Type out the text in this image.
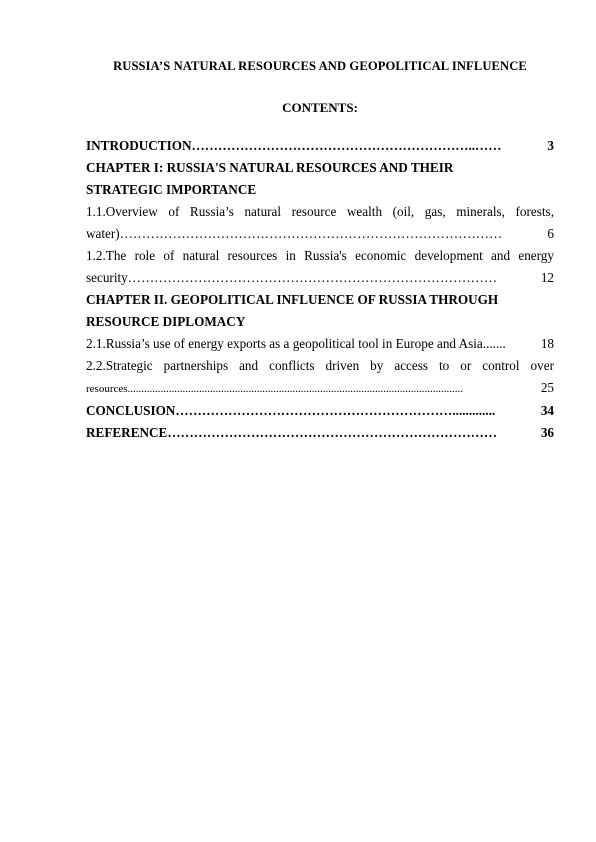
RUSSIA’S NATURAL RESOURCES AND GEOPOLITICAL INFLUENCE
CONTENTS:
INTRODUCTION ………………………………………………………..……	3
CHAPTER I: RUSSIA'S NATURAL RESOURCES AND THEIR
STRATEGIC IMPORTANCE
1.1.Overview of Russia’s natural resource wealth (oil, gas, minerals, forests,
water) ……………………………………………………………………………	6
1.2.The role of natural resources in Russia's economic development and energy
security …………………………………………………………………………	12
CHAPTER II. GEOPOLITICAL INFLUENCE OF RUSSIA THROUGH
RESOURCE DIPLOMACY
2.1.Russia’s use of energy exports as a geopolitical tool in Europe and Asia.......	18
2.2.Strategic partnerships and conflicts driven by access to or control over
resources ..........................................................................................................................	25
CONCLUSION ……………………………………………………….............	34
REFERENCE …………………………………………………………………	36
